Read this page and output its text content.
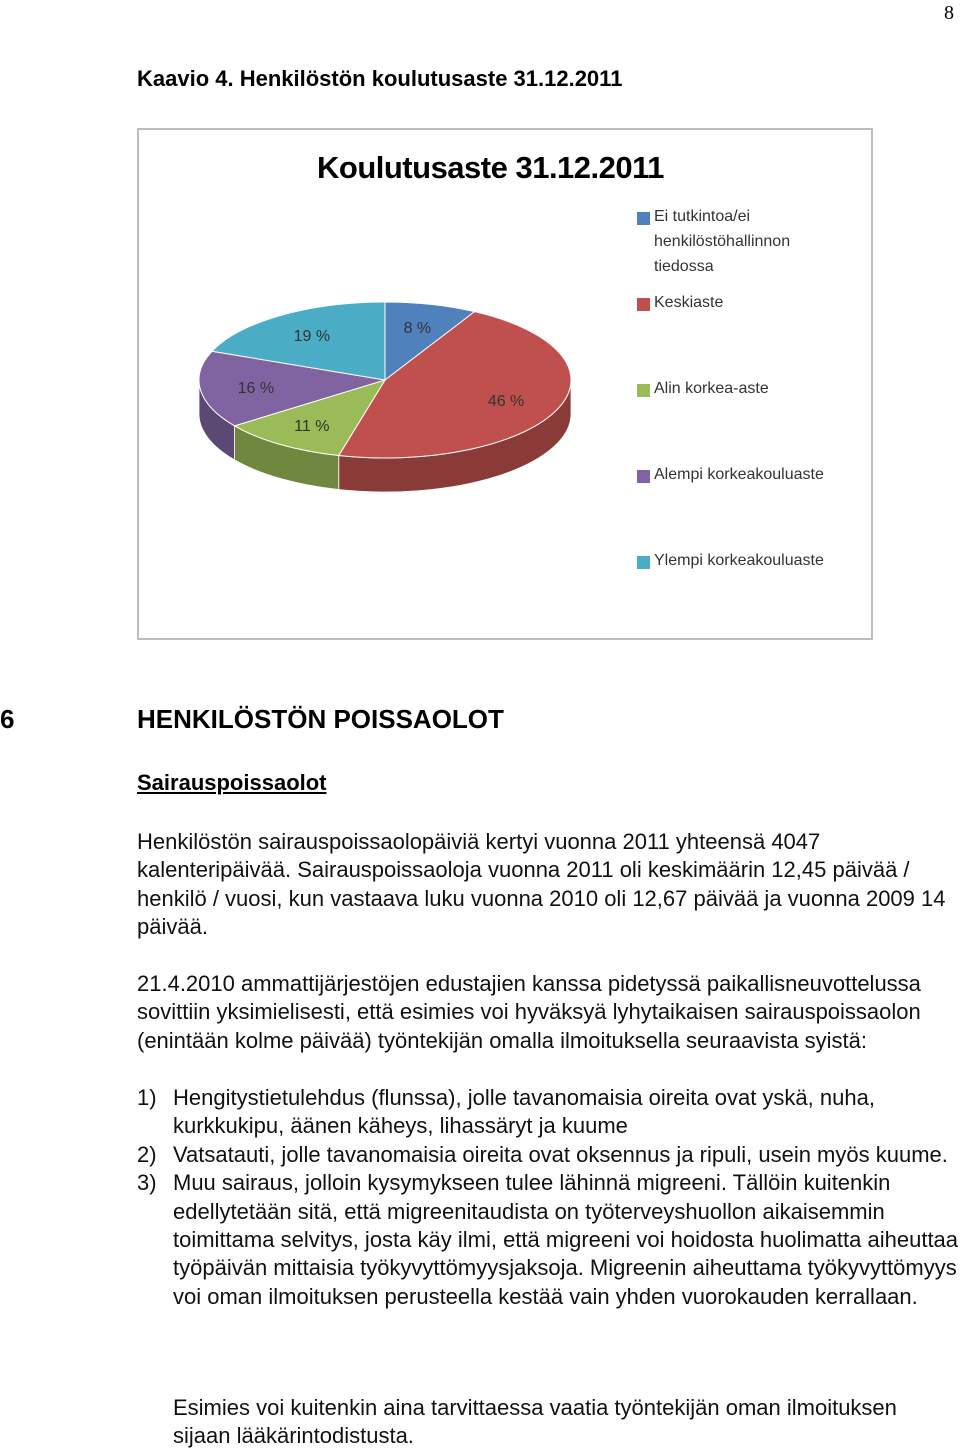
8
Kaavio 4. Henkilöstön koulutusaste 31.12.2011
Koulutusaste 31.12.2011
8 %
46 %
11 %
16 %
19 %
Ei tutkintoa/ei henkilöstöhallinnon tiedossa
Keskiaste
Alin korkea-aste
Alempi korkeakouluaste
Ylempi korkeakouluaste
6	HENKILÖSTÖN POISSAOLOT
Sairauspoissaolot
Henkilöstön sairauspoissaolopäiviä kertyi vuonna 2011 yhteensä 4047 kalenteripäivää. Sairauspoissaoloja vuonna 2011 oli keskimäärin 12,45 päivää / henkilö / vuosi, kun vastaava luku vuonna 2010 oli 12,67 päivää ja vuonna 2009 14 päivää.
21.4.2010 ammattijärjestöjen edustajien kanssa pidetyssä paikallisneuvottelussa sovittiin yksimielisesti, että esimies voi hyväksyä lyhytaikaisen sairauspoissaolon (enintään kolme päivää) työntekijän omalla ilmoituksella seuraavista syistä:
1) Hengitystietulehdus (flunssa), jolle tavanomaisia oireita ovat yskä, nuha, kurkkukipu, äänen käheys, lihassäryt ja kuume
2) Vatsatauti, jolle tavanomaisia oireita ovat oksennus ja ripuli, usein myös kuume.
3) Muu sairaus, jolloin kysymykseen tulee lähinnä migreeni. Tällöin kuitenkin edellytetään sitä, että migreenitaudista on työterveyshuollon aikaisemmin toimittama selvitys, josta käy ilmi, että migreeni voi hoidosta huolimatta aiheuttaa työpäivän mittaisia työkyvyttömyysjaksoja. Migreenin aiheuttama työkyvyttömyys voi oman ilmoituksen perusteella kestää vain yhden vuorokauden kerrallaan.
Esimies voi kuitenkin aina tarvittaessa vaatia työntekijän oman ilmoituksen sijaan lääkärintodistusta.
